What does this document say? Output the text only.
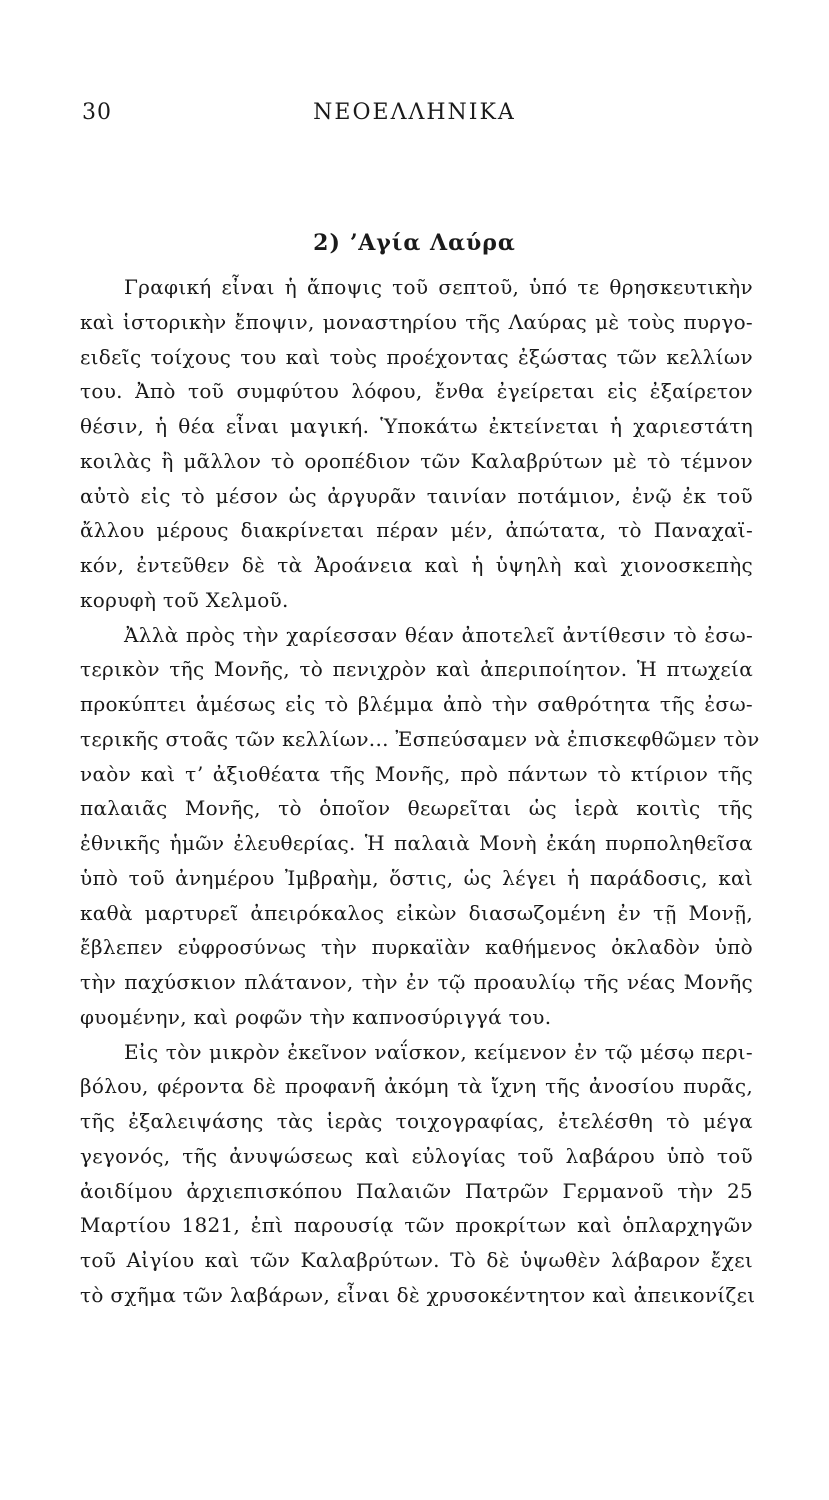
30	ΝΕΟΕΛΛΗΝΙΚΑ
2) ʼΑγία Λαύρα
Γραφική εἶναι ἡ ἄποψις τοῦ σεπτοῦ, ὑπό τε θρησκευτικὴν
καὶ ἱστορικὴν ἔποψιν, μοναστηρίου τῆς Λαύρας μὲ τοὺς πυργο-
ειδεῖς τοίχους του καὶ τοὺς προέχοντας ἐξώστας τῶν κελλίων
του. Ἀπὸ τοῦ συμφύτου λόφου, ἔνθα ἐγείρεται εἰς ἐξαίρετον
θέσιν, ἡ θέα εἶναι μαγική. Ὑποκάτω ἐκτείνεται ἡ χαριεστάτη
κοιλὰς ἢ μᾶλλον τὸ οροπέδιον τῶν Καλαβρύτων μὲ τὸ τέμνον
αὐτὸ εἰς τὸ μέσον ὡς ἀργυρᾶν ταινίαν ποτάμιον, ἐνῷ ἐκ τοῦ
ἄλλου μέρους διακρίνεται πέραν μέν, ἀπώτατα, τὸ Παναχαϊ-
κόν, ἐντεῦθεν δὲ τὰ Ἀροάνεια καὶ ἡ ὑψηλὴ καὶ χιονοσκεπὴς
κορυφὴ τοῦ Χελμοῦ.
Ἀλλὰ πρὸς τὴν χαρίεσσαν θέαν ἀποτελεῖ ἀντίθεσιν τὸ ἐσω-
τερικὸν τῆς Μονῆς, τὸ πενιχρὸν καὶ ἀπεριποίητον. Ἡ πτωχεία
προκύπτει ἀμέσως εἰς τὸ βλέμμα ἀπὸ τὴν σαθρότητα τῆς ἐσω-
τερικῆς στοᾶς τῶν κελλίων... Ἐσπεύσαμεν νὰ ἐπισκεφθῶμεν τὸν
ναὸν καὶ τʼ ἀξιοθέατα τῆς Μονῆς, πρὸ πάντων τὸ κτίριον τῆς
παλαιᾶς Μονῆς, τὸ ὁποῖον θεωρεῖται ὡς ἱερὰ κοιτὶς τῆς
ἐθνικῆς ἡμῶν ἐλευθερίας. Ἡ παλαιὰ Μονὴ ἐκάη πυρποληθεῖσα
ὑπὸ τοῦ ἀνημέρου Ἰμβραὴμ, ὅστις, ὡς λέγει ἡ παράδοσις, καὶ
καθὰ μαρτυρεῖ ἀπειρόκαλος εἰκὼν διασωζομένη ἐν τῇ Μονῇ,
ἔβλεπεν εὐφροσύνως τὴν πυρκαϊὰν καθήμενος ὀκλαδὸν ὑπὸ
τὴν παχύσκιον πλάτανον, τὴν ἐν τῷ προαυλίῳ τῆς νέας Μονῆς
φυομένην, καὶ ροφῶν τὴν καπνοσύριγγά του.
Εἰς τὸν μικρὸν ἐκεῖνον ναΐσκον, κείμενον ἐν τῷ μέσῳ περι-
βόλου, φέροντα δὲ προφανῆ ἀκόμη τὰ ἴχνη τῆς ἀνοσίου πυρᾶς,
τῆς ἐξαλειψάσης τὰς ἱερὰς τοιχογραφίας, ἐτελέσθη τὸ μέγα
γεγονός, τῆς ἀνυψώσεως καὶ εὐλογίας τοῦ λαβάρου ὑπὸ τοῦ
ἀοιδίμου ἀρχιεπισκόπου Παλαιῶν Πατρῶν Γερμανοῦ τὴν 25
Μαρτίου 1821, ἐπὶ παρουσίᾳ τῶν προκρίτων καὶ ὁπλαρχηγῶν
τοῦ Αἰγίου καὶ τῶν Καλαβρύτων. Τὸ δὲ ὑψωθὲν λάβαρον ἔχει
τὸ σχῆμα τῶν λαβάρων, εἶναι δὲ χρυσοκέντητον καὶ ἀπεικονίζει
